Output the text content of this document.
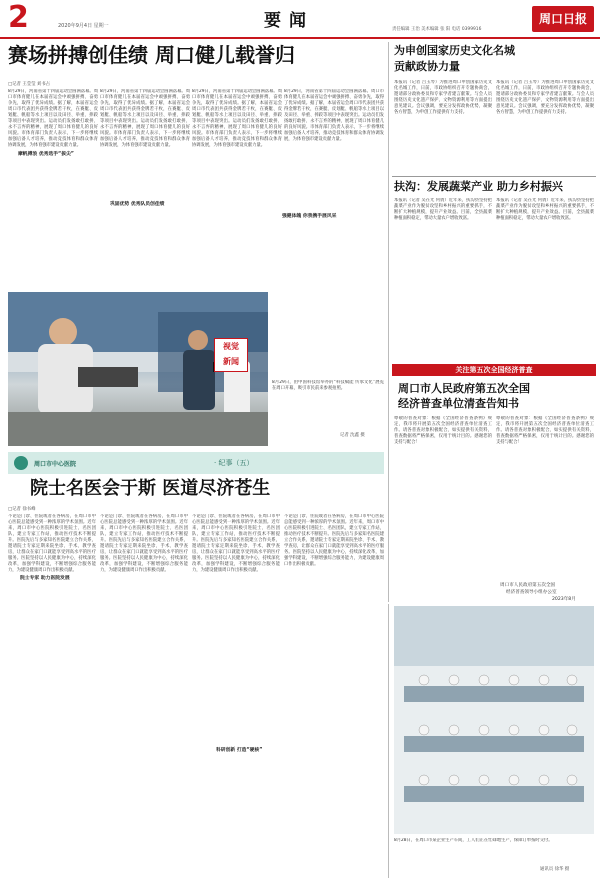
2	2020年9月4日 星期一	要闻	责任编辑 王治 美术编辑 张 阳 电话 0399916
周口日报
赛场拼搏创佳绩 周口健儿载誉归
□记者 王莹莹 刘书占
8月29日，河南省第十四届运动会圆满落幕。周口市体育健儿在本届省运会中顽强拼搏、奋勇争先，取得了优异成绩。据了解，本届省运会周口市代表团共获得金牌若干枚，在赛艇、皮划艇、帆船等水上项目以及田径、举重、摔跤等项目中表现突出。运动员们发扬敢打敢拼、永不言弃的精神，展现了周口体育健儿的良好风貌。市体育部门负责人表示，下一步将继续加强后备人才培养，推动竞技体育和群众体育协调发展，为体育强市建设贡献力量。
摩帆搏浪 优秀选手“拔尖”
8月29日，河南省第十四届运动会圆满落幕。周口市体育健儿在本届省运会中顽强拼搏、奋勇争先，取得了优异成绩。据了解，本届省运会周口市代表团共获得金牌若干枚，在赛艇、皮划艇、帆船等水上项目以及田径、举重、摔跤等项目中表现突出。运动员们发扬敢打敢拼、永不言弃的精神，展现了周口体育健儿的良好风貌。市体育部门负责人表示，下一步将继续加强后备人才培养，推动竞技体育和群众体育协调发展，为体育强市建设贡献力量。
巩固优势 优秀队员创佳绩
8月29日，河南省第十四届运动会圆满落幕。周口市体育健儿在本届省运会中顽强拼搏、奋勇争先，取得了优异成绩。据了解，本届省运会周口市代表团共获得金牌若干枚，在赛艇、皮划艇、帆船等水上项目以及田径、举重、摔跤等项目中表现突出。运动员们发扬敢打敢拼、永不言弃的精神，展现了周口体育健儿的良好风貌。市体育部门负责人表示，下一步将继续加强后备人才培养，推动竞技体育和群众体育协调发展，为体育强市建设贡献力量。
强健体魄 你我携手展风采
8月29日，河南省第十四届运动会圆满落幕。周口市体育健儿在本届省运会中顽强拼搏、奋勇争先，取得了优异成绩。据了解，本届省运会周口市代表团共获得金牌若干枚，在赛艇、皮划艇、帆船等水上项目以及田径、举重、摔跤等项目中表现突出。运动员们发扬敢打敢拼、永不言弃的精神，展现了周口体育健儿的良好风貌。市体育部门负责人表示，下一步将继续加强后备人才培养，推动竞技体育和群众体育协调发展，为体育强市建设贡献力量。
视觉
新闻
8月29日，由中国科技馆举办的“科技赋能 传承文化”展览在周口开幕，吸引市民前来参观拍照。
记者 沈鑫 摄
为申创国家历史文化名城
贡献政协力量
本报讯（记者 吕玉琴）为推进周口申创国家历史文化名城工作，日前，市政协组织召开专题协商会，邀请部分政协委员和专家学者建言献策。与会人员围绕历史文化遗产保护、文物资源利用等方面提出意见建议。会议强调，要充分发挥政协优势，凝聚各方智慧，为申创工作提供有力支持。
本报讯（记者 吕玉琴）为推进周口申创国家历史文化名城工作，日前，市政协组织召开专题协商会，邀请部分政协委员和专家学者建言献策。与会人员围绕历史文化遗产保护、文物资源利用等方面提出意见建议。会议强调，要充分发挥政协优势，凝聚各方智慧，为申创工作提供有力支持。
扶沟：发展蔬菜产业 助力乡村振兴
本报讯（记者 吴在光 何倩）近年来，扶沟县坚持把蔬菜产业作为脱贫攻坚和乡村振兴的重要抓手，不断扩大种植规模，提升产业效益。目前，全县蔬菜种植面积稳定，带动大量农户增收致富。
本报讯（记者 吴在光 何倩）近年来，扶沟县坚持把蔬菜产业作为脱贫攻坚和乡村振兴的重要抓手，不断扩大种植规模，提升产业效益。目前，全县蔬菜种植面积稳定，带动大量农户增收致富。
关注第五次全国经济普查
周口市人民政府第五次全国
经济普查单位清查告知书
尊敬的普查对象：根据《全国经济普查条例》规定，我市将开展第五次全国经济普查单位清查工作。请各普查对象积极配合，如实提供有关资料，普查数据将严格保密，仅用于统计目的。感谢您的支持与配合！
尊敬的普查对象：根据《全国经济普查条例》规定，我市将开展第五次全国经济普查单位清查工作。请各普查对象积极配合，如实提供有关资料，普查数据将严格保密，仅用于统计目的。感谢您的支持与配合！
周口市人民政府第五次全国
经济普查领导小组办公室
2023年8月
周口市中心医院	· 纪事（五）
院士名医会于斯 医道尽济苍生
□记者 徐书峰
不论是门诊、住院或者在各病房，在周口市中心医院总能感受到一种浓厚的学术氛围。近年来，周口市中心医院积极引进院士、名医团队，建立专家工作站，推动医疗技术不断提升。医院先后与多家知名医院建立合作关系，邀请院士专家定期来院坐诊、手术、教学查房，让群众在家门口就能享受到高水平的医疗服务。医院坚持以人民健康为中心，持续深化改革，加强学科建设，不断增强综合服务能力，为建设健康周口作出积极贡献。
院士专家 助力医院发展
不论是门诊、住院或者在各病房，在周口市中心医院总能感受到一种浓厚的学术氛围。近年来，周口市中心医院积极引进院士、名医团队，建立专家工作站，推动医疗技术不断提升。医院先后与多家知名医院建立合作关系，邀请院士专家定期来院坐诊、手术、教学查房，让群众在家门口就能享受到高水平的医疗服务。医院坚持以人民健康为中心，持续深化改革，加强学科建设，不断增强综合服务能力，为建设健康周口作出积极贡献。
不论是门诊、住院或者在各病房，在周口市中心医院总能感受到一种浓厚的学术氛围。近年来，周口市中心医院积极引进院士、名医团队，建立专家工作站，推动医疗技术不断提升。医院先后与多家知名医院建立合作关系，邀请院士专家定期来院坐诊、手术、教学查房，让群众在家门口就能享受到高水平的医疗服务。医院坚持以人民健康为中心，持续深化改革，加强学科建设，不断增强综合服务能力，为建设健康周口作出积极贡献。
科研创新 打造“硬核”
不论是门诊、住院或者在各病房，在周口市中心医院总能感受到一种浓厚的学术氛围。近年来，周口市中心医院积极引进院士、名医团队，建立专家工作站，推动医疗技术不断提升。医院先后与多家知名医院建立合作关系，邀请院士专家定期来院坐诊、手术、教学查房，让群众在家门口就能享受到高水平的医疗服务。医院坚持以人民健康为中心，持续深化改革，加强学科建设，不断增强综合服务能力，为建设健康周口作出积极贡献。
8月28日，在周口市某企业生产车间，工人们正在忙碌地生产，保障订单按时交付。
通讯员 徐华 摄
